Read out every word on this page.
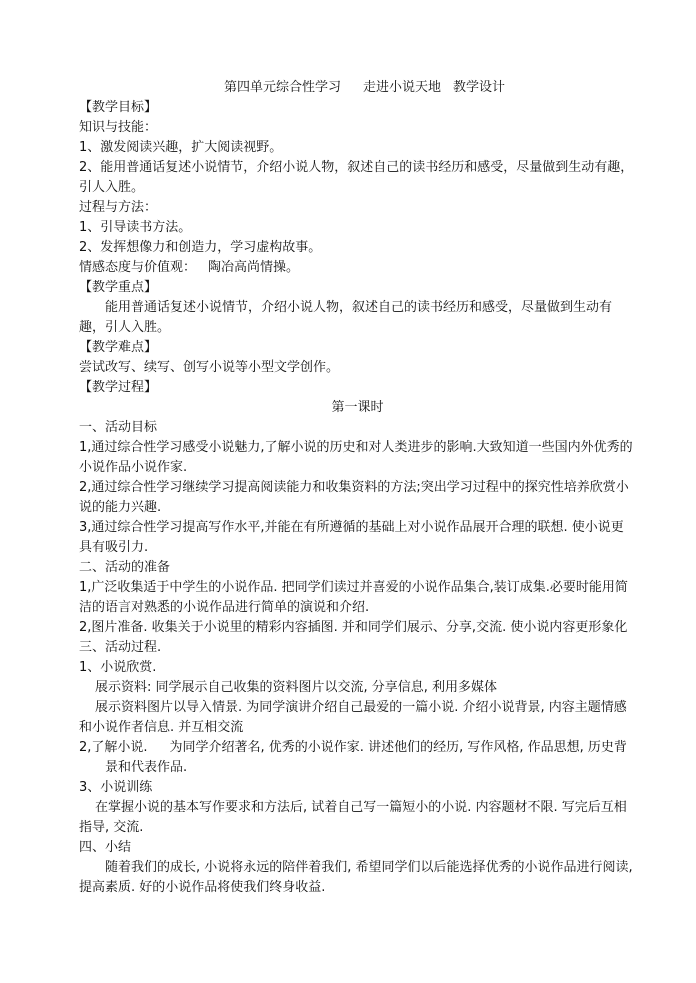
第四单元综合性学习 走进小说天地 教学设计

【教学目标】

知识与技能：

1、激发阅读兴趣，扩大阅读视野。

2、能用普通话复述小说情节，介绍小说人物，叙述自己的读书经历和感受，尽量做到生动有趣，引人入胜。

过程与方法：

1、引导读书方法。

2、发挥想像力和创造力，学习虚构故事。

情感态度与价值观： 陶冶高尚情操。

【教学重点】

能用普通话复述小说情节，介绍小说人物，叙述自己的读书经历和感受，尽量做到生动有趣，引人入胜。

【教学难点】

尝试改写、续写、创写小说等小型文学创作。

【教学过程】

第一课时

一、活动目标

1,通过综合性学习感受小说魅力,了解小说的历史和对人类进步的影响.大致知道一些国内外优秀的小说作品小说作家.

2,通过综合性学习继续学习提高阅读能力和收集资料的方法;突出学习过程中的探究性培养欣赏小说的能力兴趣.

3,通过综合性学习提高写作水平,并能在有所遵循的基础上对小说作品展开合理的联想. 使小说更具有吸引力.

二、活动的准备

1,广泛收集适于中学生的小说作品. 把同学们读过并喜爱的小说作品集合,装订成集.必要时能用简洁的语言对熟悉的小说作品进行简单的演说和介绍.

2,图片准备. 收集关于小说里的精彩内容插图. 并和同学们展示、分享,交流. 使小说内容更形象化

三、活动过程.

1、小说欣赏.

展示资料: 同学展示自己收集的资料图片以交流, 分享信息, 利用多媒体

展示资料图片以导入情景. 为同学演讲介绍自己最爱的一篇小说. 介绍小说背景, 内容主题情感和小说作者信息. 并互相交流

2,了解小说. 为同学介绍著名, 优秀的小说作家. 讲述他们的经历, 写作风格, 作品思想, 历史背景和代表作品.

3、小说训练

在掌握小说的基本写作要求和方法后, 试着自己写一篇短小的小说. 内容题材不限. 写完后互相指导, 交流.

四、小结

随着我们的成长, 小说将永远的陪伴着我们, 希望同学们以后能选择优秀的小说作品进行阅读, 提高素质. 好的小说作品将使我们终身收益.
